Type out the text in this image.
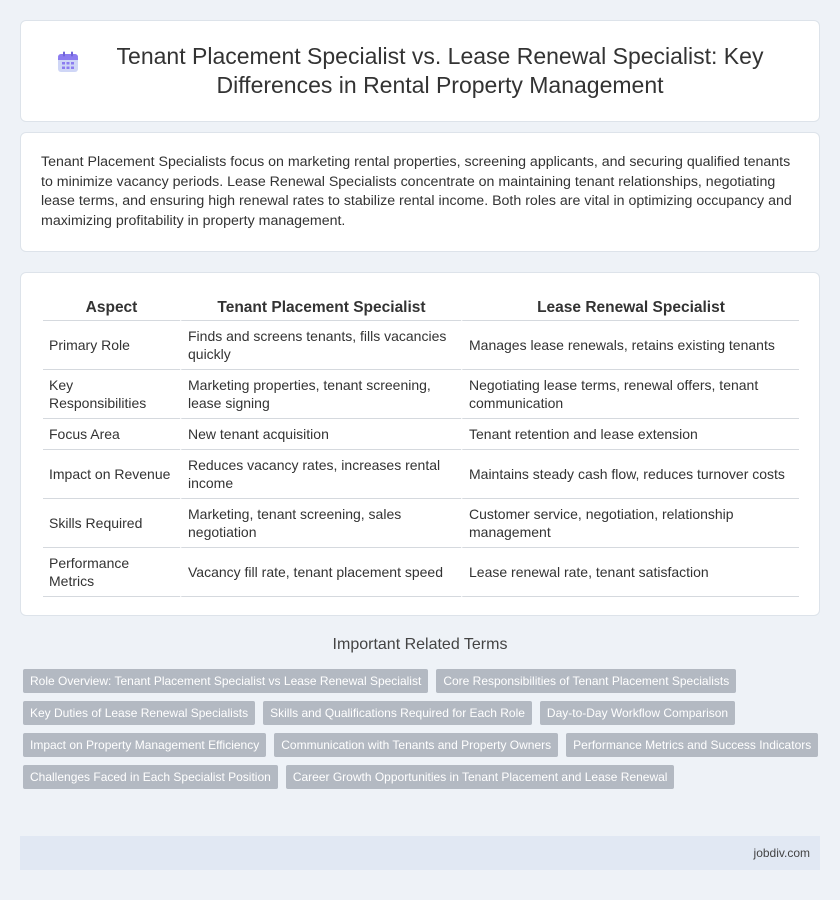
Tenant Placement Specialist vs. Lease Renewal Specialist: Key Differences in Rental Property Management

Tenant Placement Specialists focus on marketing rental properties, screening applicants, and securing qualified tenants to minimize vacancy periods. Lease Renewal Specialists concentrate on maintaining tenant relationships, negotiating lease terms, and ensuring high renewal rates to stabilize rental income. Both roles are vital in optimizing occupancy and maximizing profitability in property management.

Aspect	Tenant Placement Specialist	Lease Renewal Specialist
Primary Role	Finds and screens tenants, fills vacancies quickly	Manages lease renewals, retains existing tenants
Key Responsibilities	Marketing properties, tenant screening, lease signing	Negotiating lease terms, renewal offers, tenant communication
Focus Area	New tenant acquisition	Tenant retention and lease extension
Impact on Revenue	Reduces vacancy rates, increases rental income	Maintains steady cash flow, reduces turnover costs
Skills Required	Marketing, tenant screening, sales negotiation	Customer service, negotiation, relationship management
Performance Metrics	Vacancy fill rate, tenant placement speed	Lease renewal rate, tenant satisfaction
Important Related Terms
Role Overview: Tenant Placement Specialist vs Lease Renewal Specialist	Core Responsibilities of Tenant Placement Specialists
Key Duties of Lease Renewal Specialists	Skills and Qualifications Required for Each Role	Day-to-Day Workflow Comparison
Impact on Property Management Efficiency	Communication with Tenants and Property Owners	Performance Metrics and Success Indicators
Challenges Faced in Each Specialist Position	Career Growth Opportunities in Tenant Placement and Lease Renewal
jobdiv.com
